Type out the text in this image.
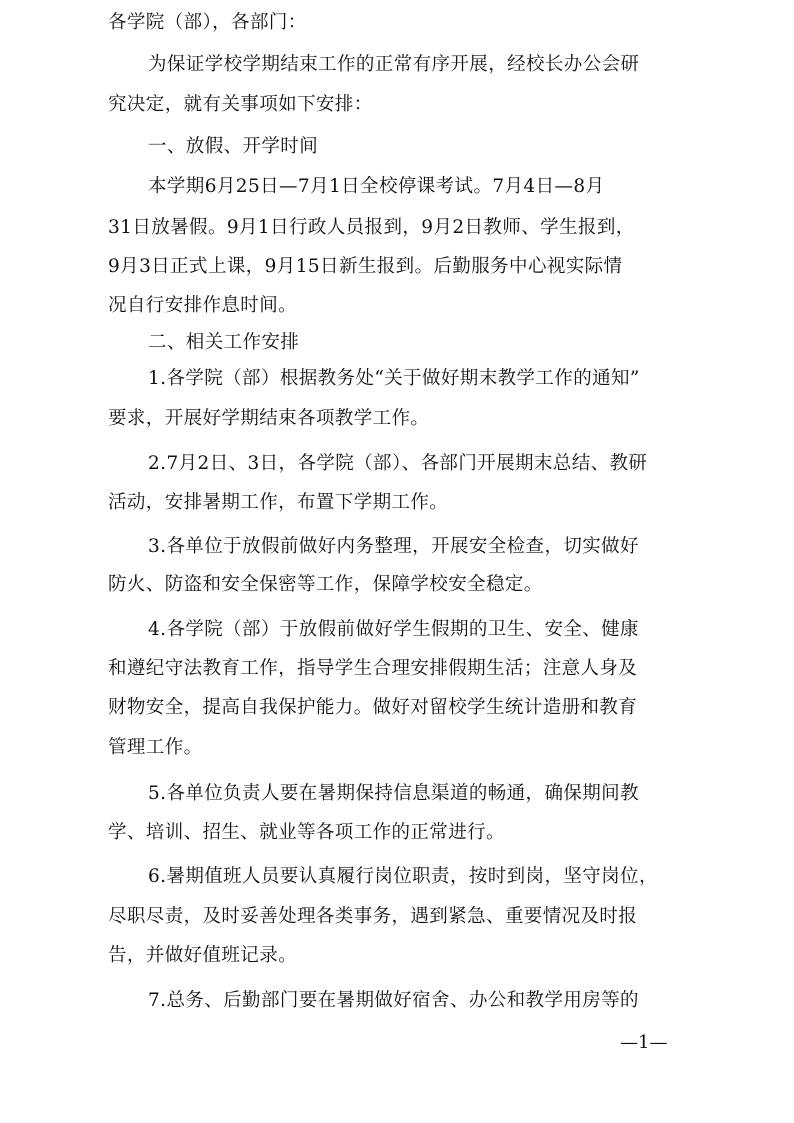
各学院（部），各部门：
为保证学校学期结束工作的正常有序开展，经校长办公会研
究决定，就有关事项如下安排：
一、放假、开学时间
本学期6月25日—7月1日全校停课考试。7月4日—8月
31日放暑假。9月1日行政人员报到，9月2日教师、学生报到，
9月3日正式上课，9月15日新生报到。后勤服务中心视实际情
况自行安排作息时间。
二、相关工作安排
1.各学院（部）根据教务处“关于做好期末教学工作的通知”
要求，开展好学期结束各项教学工作。
2.7月2日、3日，各学院（部）、各部门开展期末总结、教研
活动，安排暑期工作，布置下学期工作。
3.各单位于放假前做好内务整理，开展安全检查，切实做好
防火、防盗和安全保密等工作，保障学校安全稳定。
4.各学院（部）于放假前做好学生假期的卫生、安全、健康
和遵纪守法教育工作，指导学生合理安排假期生活；注意人身及
财物安全，提高自我保护能力。做好对留校学生统计造册和教育
管理工作。
5.各单位负责人要在暑期保持信息渠道的畅通，确保期间教
学、培训、招生、就业等各项工作的正常进行。
6.暑期值班人员要认真履行岗位职责，按时到岗，坚守岗位，
尽职尽责，及时妥善处理各类事务，遇到紧急、重要情况及时报
告，并做好值班记录。
7.总务、后勤部门要在暑期做好宿舍、办公和教学用房等的
—1—
